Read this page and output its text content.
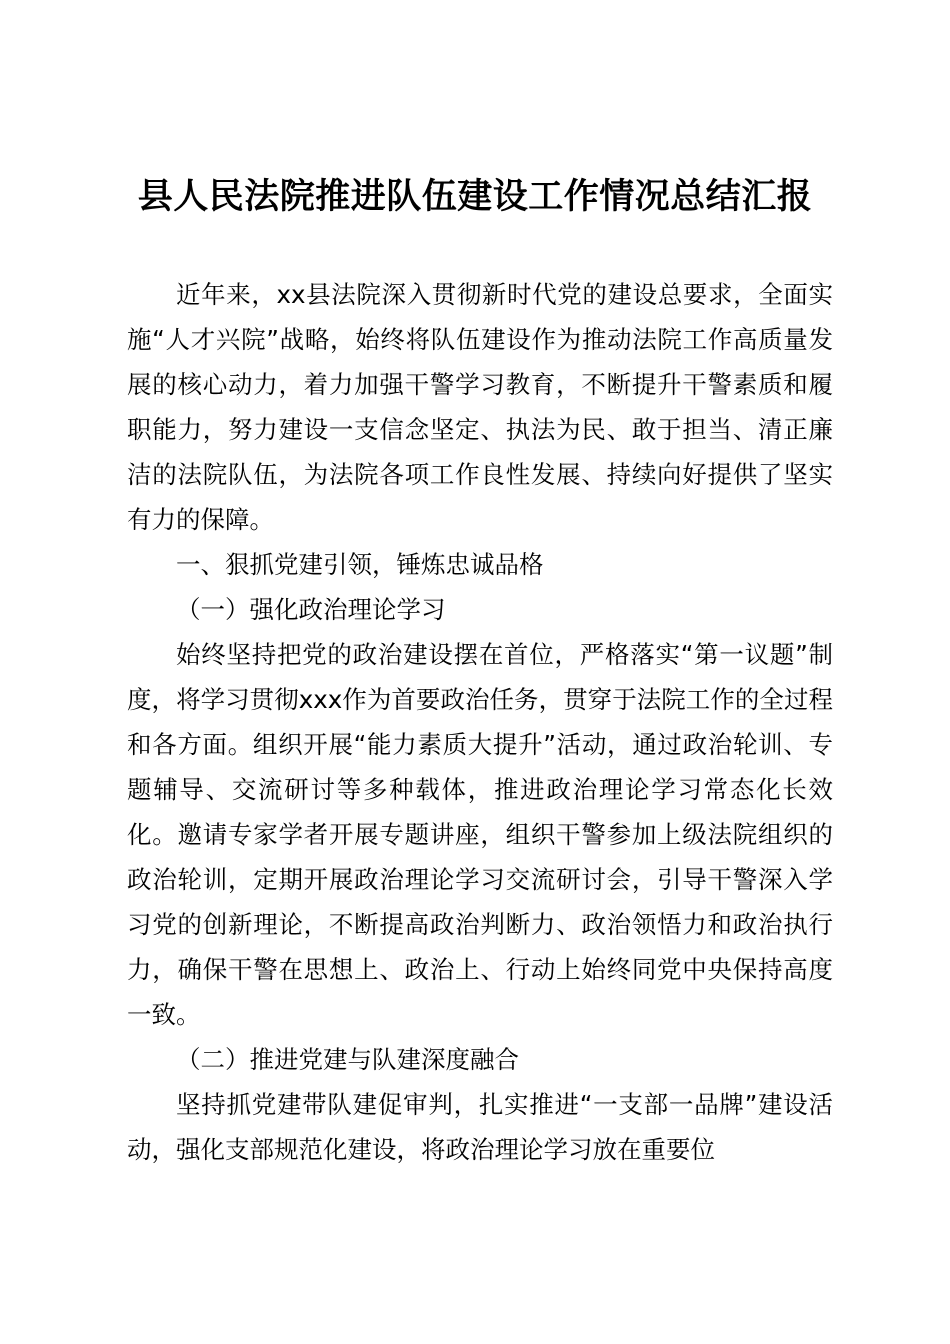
县人民法院推进队伍建设工作情况总结汇报

近年来，xx县法院深入贯彻新时代党的建设总要求，全面实施“人才兴院”战略，始终将队伍建设作为推动法院工作高质量发展的核心动力，着力加强干警学习教育，不断提升干警素质和履职能力，努力建设一支信念坚定、执法为民、敢于担当、清正廉洁的法院队伍，为法院各项工作良性发展、持续向好提供了坚实有力的保障。

一、狠抓党建引领，锤炼忠诚品格

（一）强化政治理论学习

始终坚持把党的政治建设摆在首位，严格落实“第一议题”制度，将学习贯彻xxx作为首要政治任务，贯穿于法院工作的全过程和各方面。组织开展“能力素质大提升”活动，通过政治轮训、专题辅导、交流研讨等多种载体，推进政治理论学习常态化长效化。邀请专家学者开展专题讲座，组织干警参加上级法院组织的政治轮训，定期开展政治理论学习交流研讨会，引导干警深入学习党的创新理论，不断提高政治判断力、政治领悟力和政治执行力，确保干警在思想上、政治上、行动上始终同党中央保持高度一致。

（二）推进党建与队建深度融合

坚持抓党建带队建促审判，扎实推进“一支部一品牌”建设活动，强化支部规范化建设，将政治理论学习放在重要位
